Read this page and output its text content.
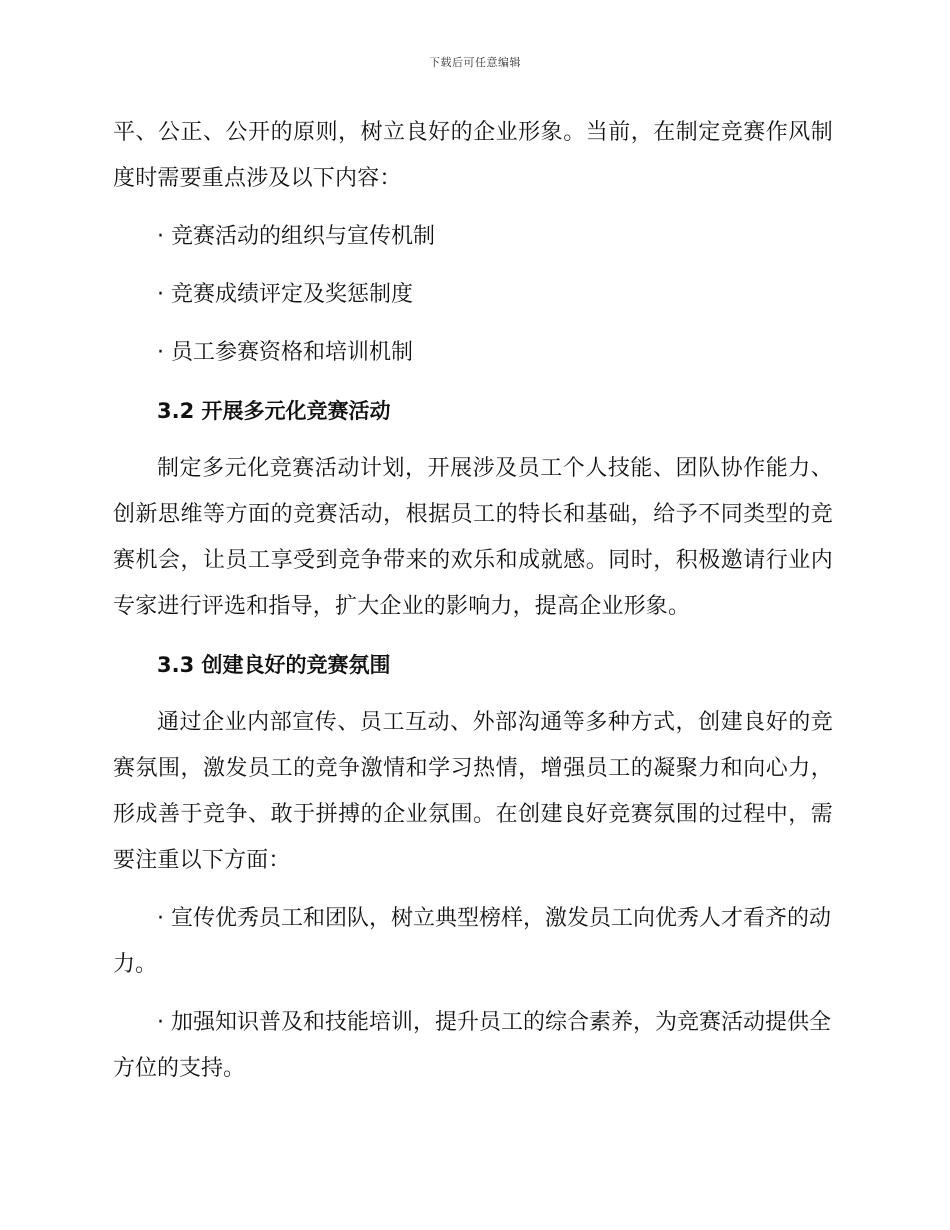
下载后可任意编辑

平、公正、公开的原则，树立良好的企业形象。当前，在制定竞赛作风制度时需要重点涉及以下内容：

· 竞赛活动的组织与宣传机制

· 竞赛成绩评定及奖惩制度

· 员工参赛资格和培训机制

3.2 开展多元化竞赛活动

制定多元化竞赛活动计划，开展涉及员工个人技能、团队协作能力、创新思维等方面的竞赛活动，根据员工的特长和基础，给予不同类型的竞赛机会，让员工享受到竞争带来的欢乐和成就感。同时，积极邀请行业内专家进行评选和指导，扩大企业的影响力，提高企业形象。

3.3 创建良好的竞赛氛围

通过企业内部宣传、员工互动、外部沟通等多种方式，创建良好的竞赛氛围，激发员工的竞争激情和学习热情，增强员工的凝聚力和向心力，形成善于竞争、敢于拼搏的企业氛围。在创建良好竞赛氛围的过程中，需要注重以下方面：

· 宣传优秀员工和团队，树立典型榜样，激发员工向优秀人才看齐的动力。

· 加强知识普及和技能培训，提升员工的综合素养，为竞赛活动提供全方位的支持。
